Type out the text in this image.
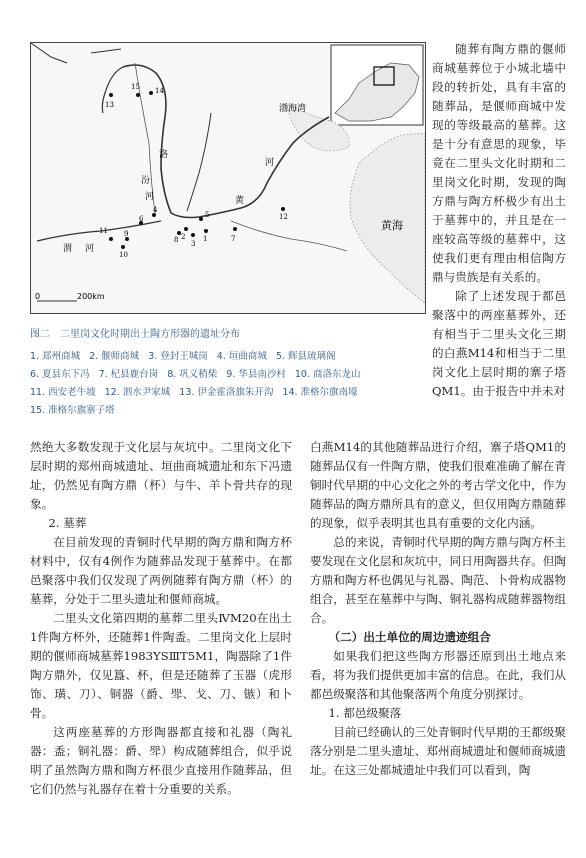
渤海湾
黄海
洛
汾
河
河
黄
渭 河
0	200km
1
2
3
4
5
6
7
8
9
10
11
12
13
14
15
图二　二里岗文化时期出土陶方形器的遗址分布
1. 郑州商城 2. 偃师商城 3. 登封王城岗 4. 垣曲商城 5. 辉县琉璃阁
6. 夏县东下冯 7. 杞县鹿台岗 8. 巩义稍柴 9. 华县南沙村 10. 商洛东龙山
11. 西安老牛坡 12. 泗水尹家城 13. 伊金霍洛旗朱开沟 14. 准格尔旗南壕
15. 准格尔旗寨子塔

随葬有陶方鼎的偃师商城墓葬位于小城北墙中段的转折处，具有丰富的随葬品，是偃师商城中发现的等级最高的墓葬。这是十分有意思的现象，毕竟在二里头文化时期和二里岗文化时期，发现的陶方鼎与陶方杯极少有出土于墓葬中的，并且是在一座较高等级的墓葬中，这使我们更有理由相信陶方鼎与贵族是有关系的。

除了上述发现于都邑聚落中的两座墓葬外，还有相当于二里头文化三期的白燕M14和相当于二里岗文化上层时期的寨子塔QM1。由于报告中并未对

然绝大多数发现于文化层与灰坑中。二里岗文化下层时期的郑州商城遗址、垣曲商城遗址和东下冯遗址，仍然见有陶方鼎（杯）与牛、羊卜骨共存的现象。

2. 墓葬

在目前发现的青铜时代早期的陶方鼎和陶方杯材料中，仅有4例作为随葬品发现于墓葬中。在都邑聚落中我们仅发现了两例随葬有陶方鼎（杯）的墓葬，分处于二里头遗址和偃师商城。

二里头文化第四期的墓葬二里头ⅣM20在出土1件陶方杯外，还随葬1件陶盉。二里岗文化上层时期的偃师商城墓葬1983YSⅢT5M1，陶器除了1件陶方鼎外，仅见簋、杯，但是还随葬了玉器（虎形饰、璜、刀）、铜器（爵、斝、戈、刀、镞）和卜骨。

这两座墓葬的方形陶器都直接和礼器（陶礼器：盉；铜礼器：爵、斝）构成随葬组合，似乎说明了虽然陶方鼎和陶方杯很少直接用作随葬品，但它们仍然与礼器存在着十分重要的关系。

白燕M14的其他随葬品进行介绍，寨子塔QM1的随葬品仅有一件陶方鼎，使我们很难准确了解在青铜时代早期的中心文化之外的考古学文化中，作为随葬品的陶方鼎所具有的意义，但仅用陶方鼎随葬的现象，似乎表明其也具有重要的文化内涵。

总的来说，青铜时代早期的陶方鼎与陶方杯主要发现在文化层和灰坑中，同日用陶器共存。但陶方鼎和陶方杯也偶见与礼器、陶范、卜骨构成器物组合，甚至在墓葬中与陶、铜礼器构成随葬器物组合。

（二）出土单位的周边遗迹组合

如果我们把这些陶方形器还原到出土地点来看，将为我们提供更加丰富的信息。在此，我们从都邑级聚落和其他聚落两个角度分别探讨。

1. 都邑级聚落

目前已经确认的三处青铜时代早期的王都级聚落分别是二里头遗址、郑州商城遗址和偃师商城遗址。在这三处都城遗址中我们可以看到，陶
